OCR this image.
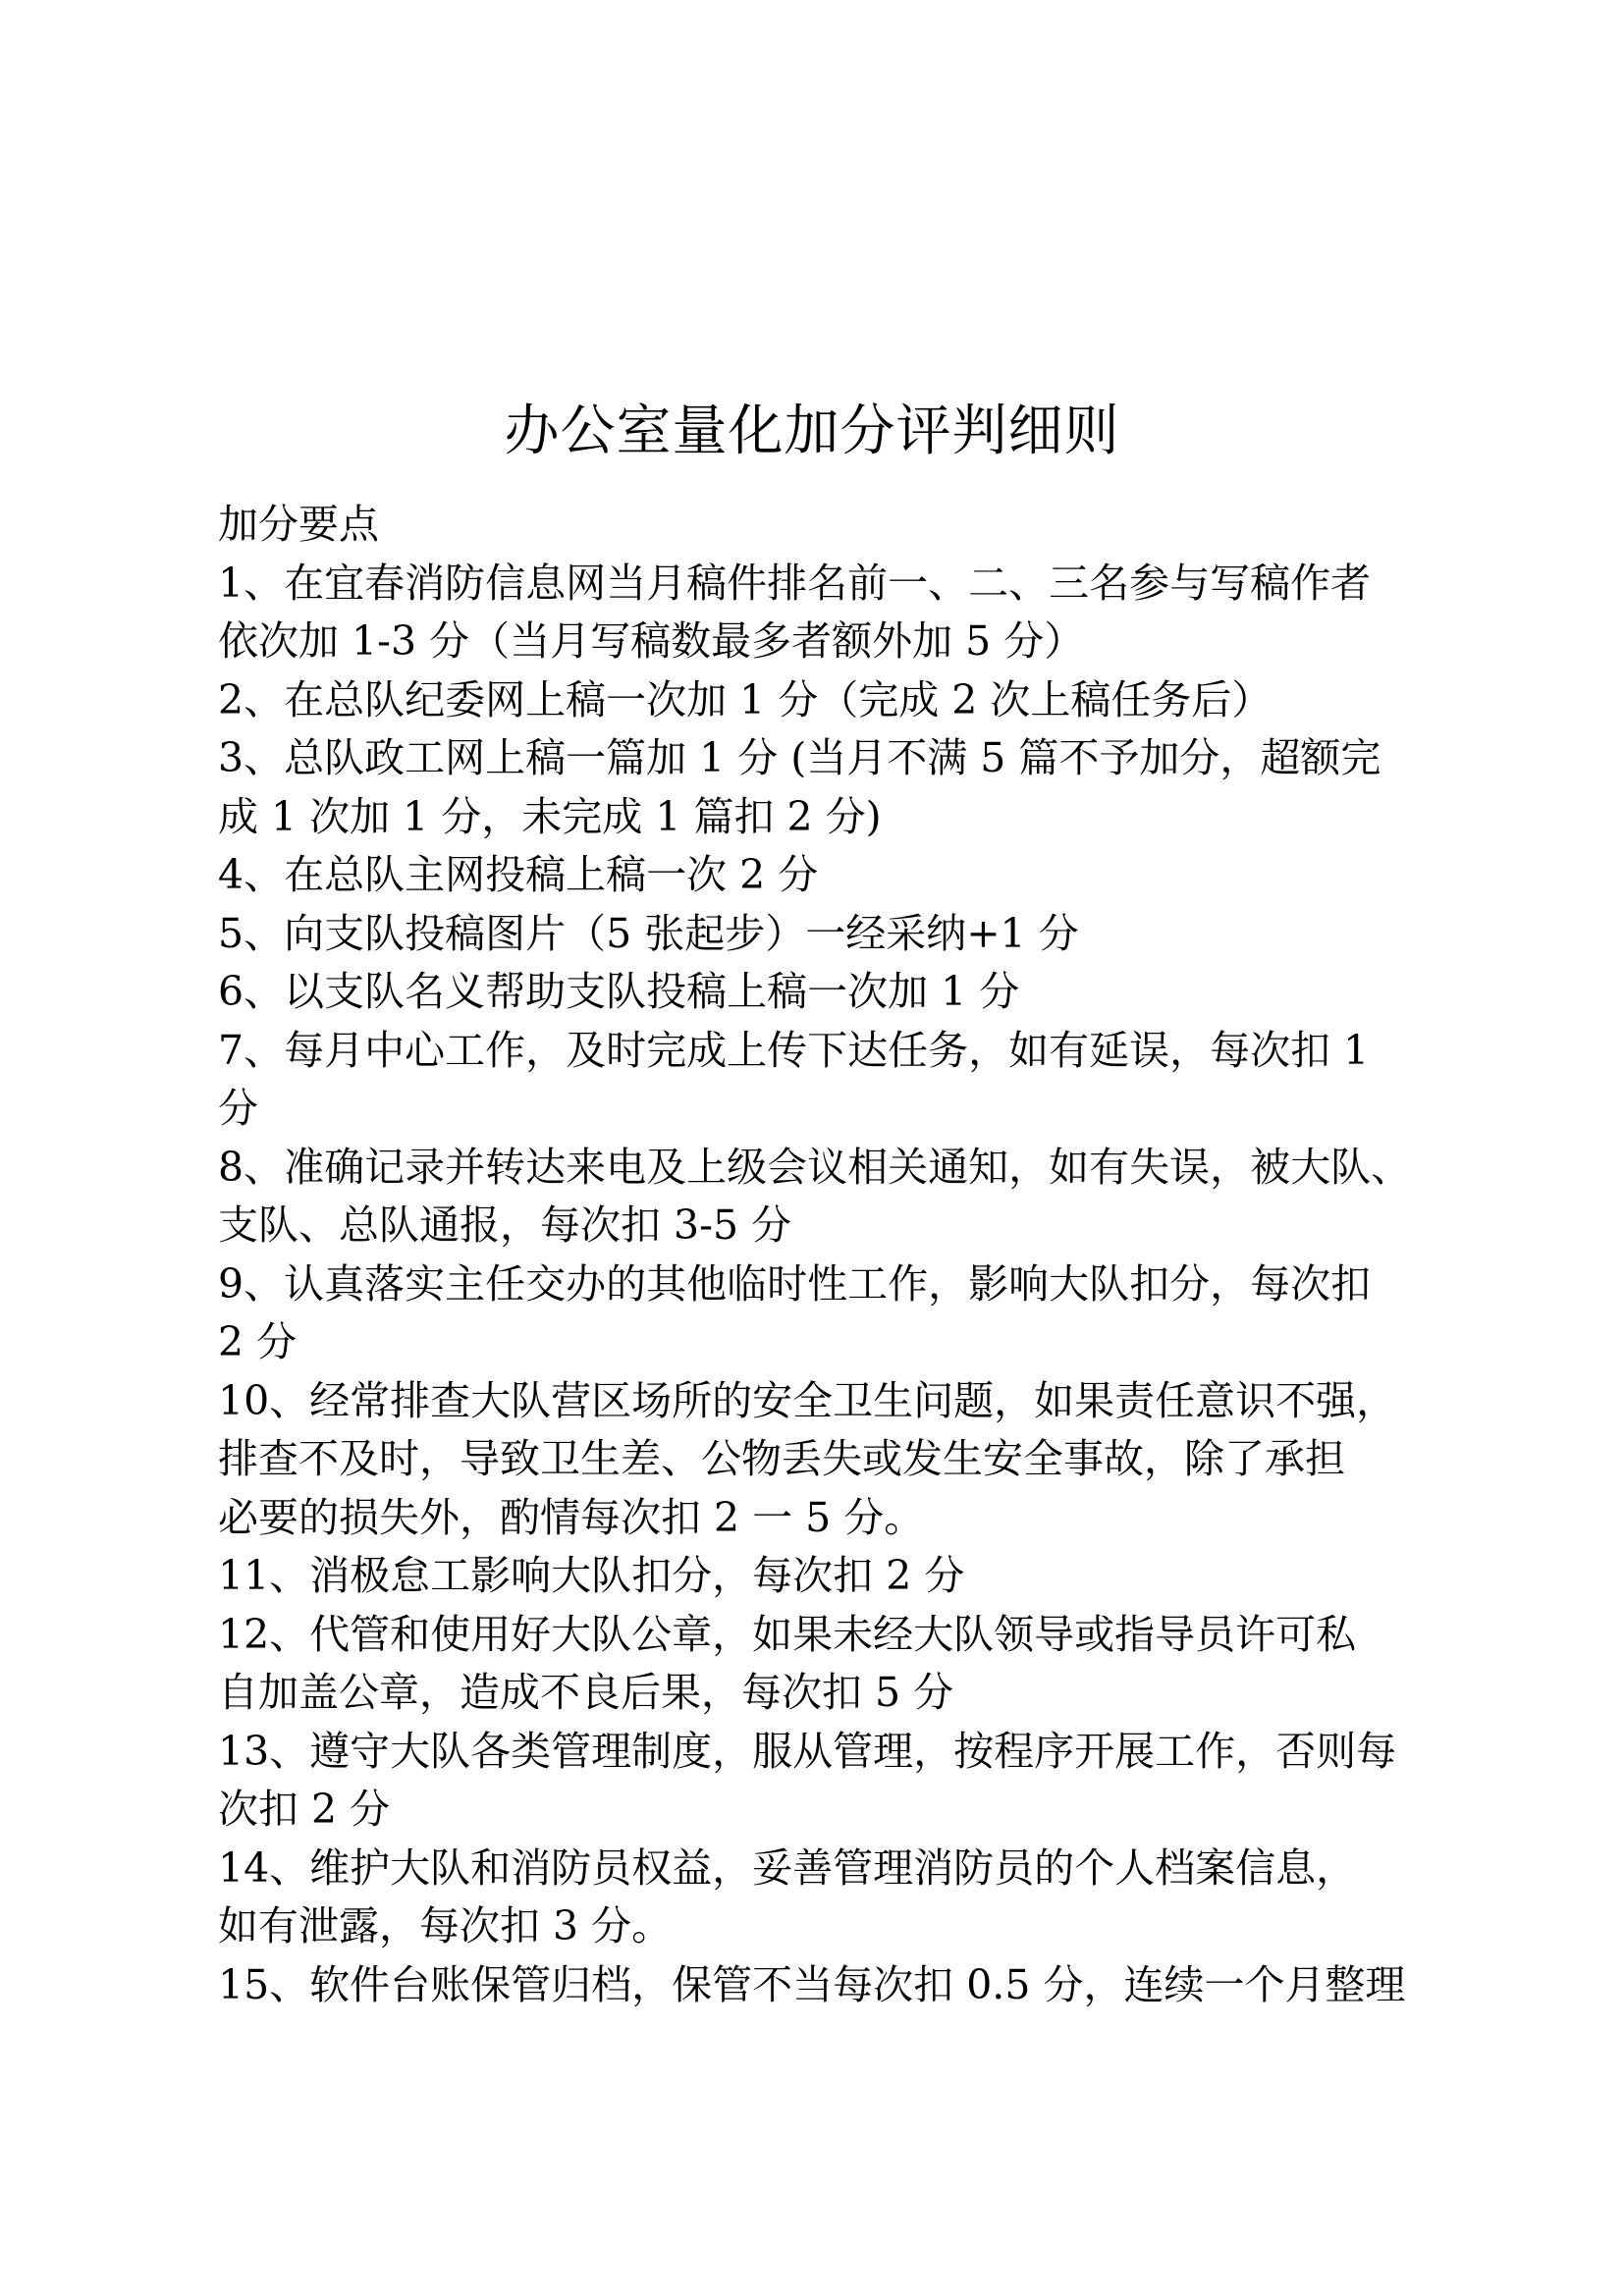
办公室量化加分评判细则
加分要点
1、在宜春消防信息网当月稿件排名前一、二、三名参与写稿作者
依次加 1-3 分（当月写稿数最多者额外加 5 分）
2、在总队纪委网上稿一次加 1 分（完成 2 次上稿任务后）
3、总队政工网上稿一篇加 1 分 (当月不满 5 篇不予加分，超额完
成 1 次加 1 分，未完成 1 篇扣 2 分)
4、在总队主网投稿上稿一次 2 分
5、向支队投稿图片（5 张起步）一经采纳+1 分
6、以支队名义帮助支队投稿上稿一次加 1 分
7、每月中心工作，及时完成上传下达任务，如有延误，每次扣 1
分
8、准确记录并转达来电及上级会议相关通知，如有失误，被大队、
支队、总队通报，每次扣 3-5 分
9、认真落实主任交办的其他临时性工作，影响大队扣分，每次扣
2 分
10、经常排查大队营区场所的安全卫生问题，如果责任意识不强，
排查不及时，导致卫生差、公物丢失或发生安全事故，除了承担
必要的损失外，酌情每次扣 2 一 5 分。
11、消极怠工影响大队扣分，每次扣 2 分
12、代管和使用好大队公章，如果未经大队领导或指导员许可私
自加盖公章，造成不良后果，每次扣 5 分
13、遵守大队各类管理制度，服从管理，按程序开展工作，否则每
次扣 2 分
14、维护大队和消防员权益，妥善管理消防员的个人档案信息，
如有泄露，每次扣 3 分。
15、软件台账保管归档，保管不当每次扣 0.5 分，连续一个月整理
